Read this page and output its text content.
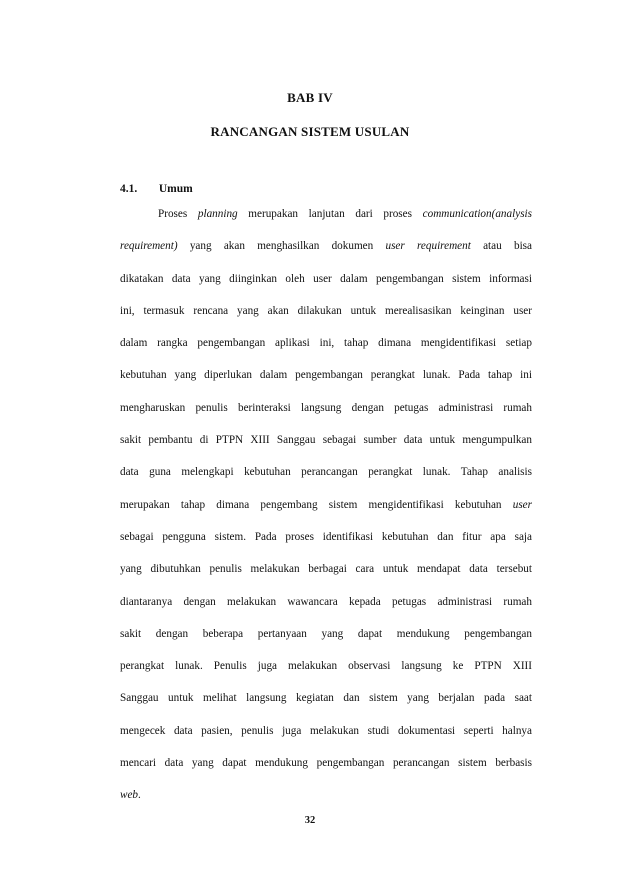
BAB IV
RANCANGAN SISTEM USULAN
4.1. Umum
Proses planning merupakan lanjutan dari proses communication(analysis
requirement) yang akan menghasilkan dokumen user requirement atau bisa
dikatakan data yang diinginkan oleh user dalam pengembangan sistem informasi
ini, termasuk rencana yang akan dilakukan untuk merealisasikan keinginan user
dalam rangka pengembangan aplikasi ini, tahap dimana mengidentifikasi setiap
kebutuhan yang diperlukan dalam pengembangan perangkat lunak. Pada tahap ini
mengharuskan penulis berinteraksi langsung dengan petugas administrasi rumah
sakit pembantu di PTPN XIII Sanggau sebagai sumber data untuk mengumpulkan
data guna melengkapi kebutuhan perancangan perangkat lunak. Tahap analisis
merupakan tahap dimana pengembang sistem mengidentifikasi kebutuhan user
sebagai pengguna sistem. Pada proses identifikasi kebutuhan dan fitur apa saja
yang dibutuhkan penulis melakukan berbagai cara untuk mendapat data tersebut
diantaranya dengan melakukan wawancara kepada petugas administrasi rumah
sakit dengan beberapa pertanyaan yang dapat mendukung pengembangan
perangkat lunak. Penulis juga melakukan observasi langsung ke PTPN XIII
Sanggau untuk melihat langsung kegiatan dan sistem yang berjalan pada saat
mengecek data pasien, penulis juga melakukan studi dokumentasi seperti halnya
mencari data yang dapat mendukung pengembangan perancangan sistem berbasis
web.
32
